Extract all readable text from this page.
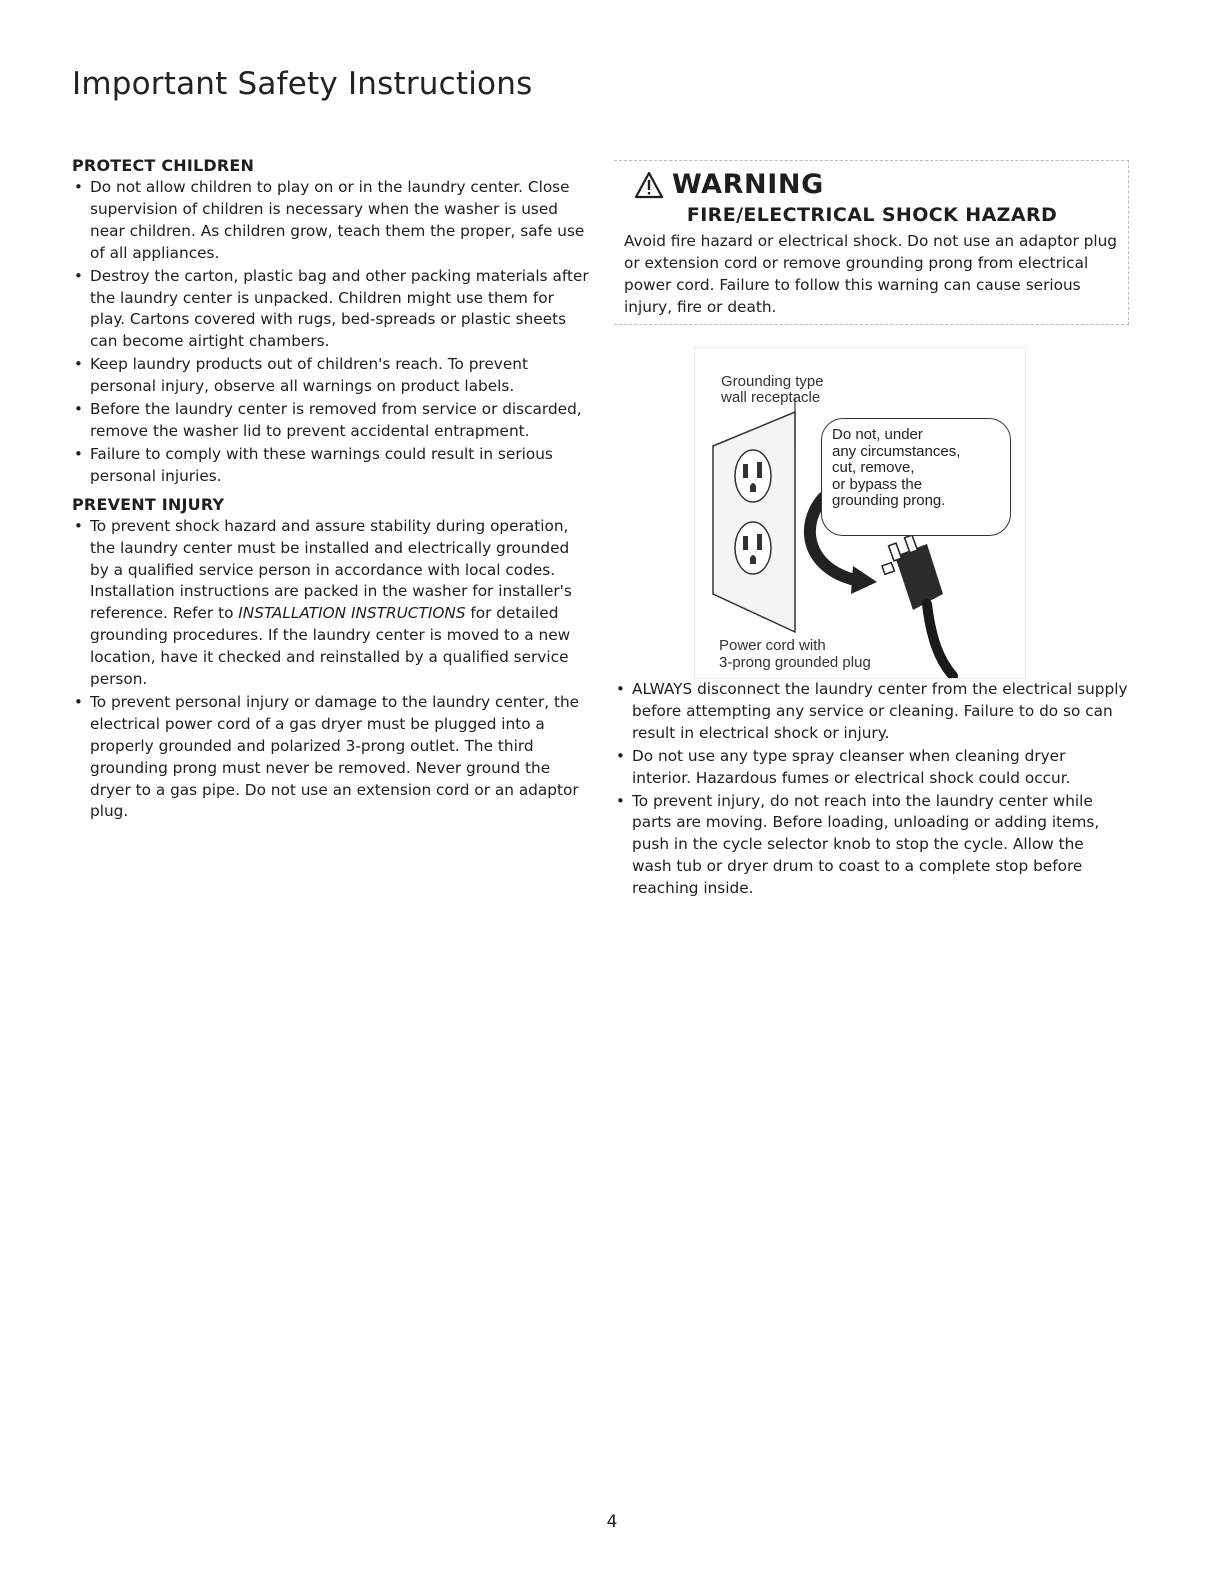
Important Safety Instructions
PROTECT CHILDREN
• Do not allow children to play on or in the laundry center. Close supervision of children is necessary when the washer is used near children. As children grow, teach them the proper, safe use of all appliances.
• Destroy the carton, plastic bag and other packing materials after the laundry center is unpacked. Children might use them for play. Cartons covered with rugs, bed-spreads or plastic sheets can become airtight chambers.
• Keep laundry products out of children's reach. To prevent personal injury, observe all warnings on product labels.
• Before the laundry center is removed from service or discarded, remove the washer lid to prevent accidental entrapment.
• Failure to comply with these warnings could result in serious personal injuries.
PREVENT INJURY
• To prevent shock hazard and assure stability during operation, the laundry center must be installed and electrically grounded by a qualified service person in accordance with local codes. Installation instructions are packed in the washer for installer's reference. Refer to INSTALLATION INSTRUCTIONS for detailed grounding procedures. If the laundry center is moved to a new location, have it checked and reinstalled by a qualified service person.
• To prevent personal injury or damage to the laundry center, the electrical power cord of a gas dryer must be plugged into a properly grounded and polarized 3-prong outlet. The third grounding prong must never be removed. Never ground the dryer to a gas pipe. Do not use an extension cord or an adaptor plug.
WARNING
FIRE/ELECTRICAL SHOCK HAZARD

Avoid fire hazard or electrical shock. Do not use an adaptor plug or extension cord or remove grounding prong from electrical power cord. Failure to follow this warning can cause serious injury, fire or death.

Grounding type
wall receptacle
Do not, under
any circumstances,
cut, remove,
or bypass the
grounding prong.
Power cord with
3-prong grounded plug
• ALWAYS disconnect the laundry center from the electrical supply before attempting any service or cleaning. Failure to do so can result in electrical shock or injury.
• Do not use any type spray cleanser when cleaning dryer interior. Hazardous fumes or electrical shock could occur.
• To prevent injury, do not reach into the laundry center while parts are moving. Before loading, unloading or adding items, push in the cycle selector knob to stop the cycle. Allow the wash tub or dryer drum to coast to a complete stop before reaching inside.
4
